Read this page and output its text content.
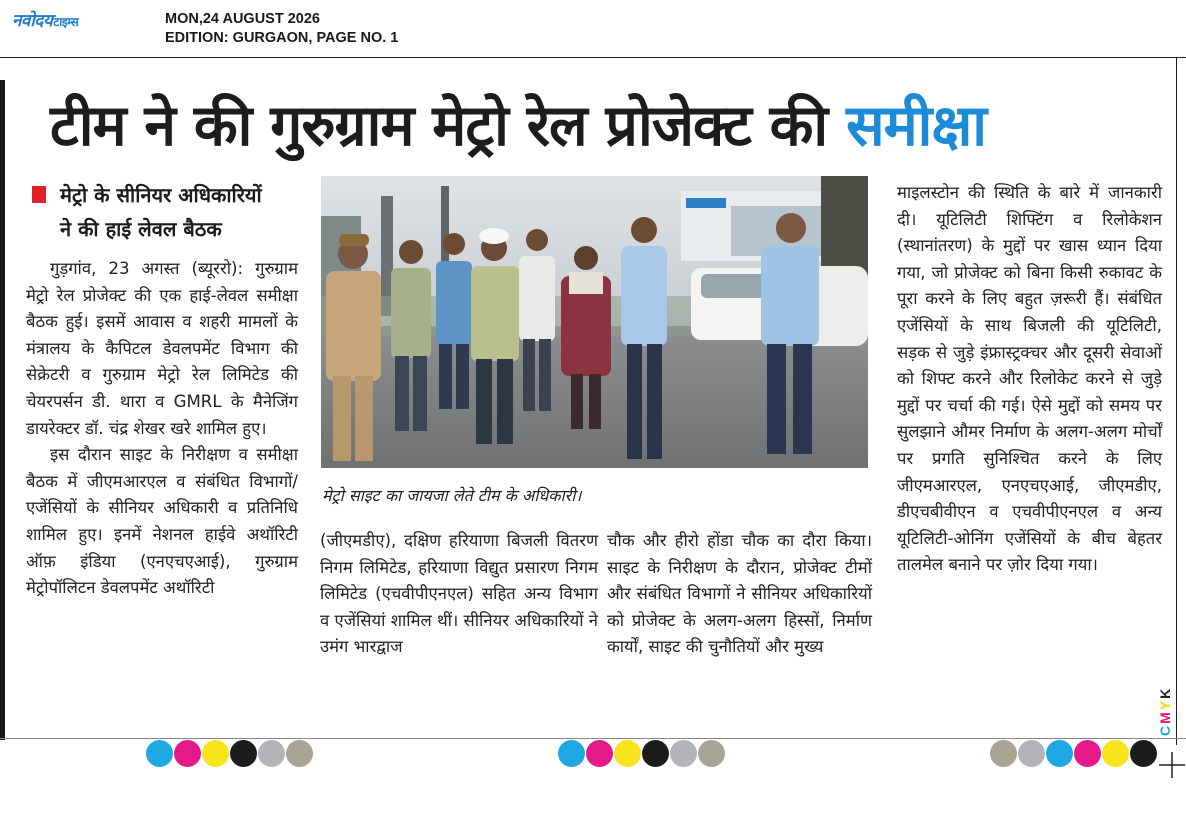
नवोदयटाइम्स	MON,24 AUGUST 2026
EDITION: GURGAON, PAGE NO. 1
टीम ने की गुरुग्राम मेट्रो रेल प्रोजेक्ट की समीक्षा
मेट्रो के सीनियर अधिकारियों
ने की हाई लेवल बैठक

गुड़गांव, 23 अगस्त (ब्यूररो): गुरुग्राम मेट्रो रेल प्रोजेक्ट की एक हाई-लेवल समीक्षा बैठक हुई। इसमें आवास व शहरी मामलों के मंत्रालय के कैपिटल डेवलपमेंट विभाग की सेक्रेटरी व गुरुग्राम मेट्रो रेल लिमिटेड की चेयरपर्सन डी. थारा व GMRL के मैनेजिंग डायरेक्टर डॉ. चंद्र शेखर खरे शामिल हुए।

इस दौरान साइट के निरीक्षण व समीक्षा बैठक में जीएमआरएल व संबंधित विभागों/एजेंसियों के सीनियर अधिकारी व प्रतिनिधि शामिल हुए। इनमें नेशनल हाईवे अथॉरिटी ऑफ़ इंडिया (एनएचएआई), गुरुग्राम मेट्रोपॉलिटन डेवलपमेंट अथॉरिटी

मेट्रो साइट का जायजा लेते टीम के अधिकारी।

(जीएमडीए), दक्षिण हरियाणा बिजली वितरण निगम लिमिटेड, हरियाणा विद्युत प्रसारण निगम लिमिटेड (एचवीपीएनएल) सहित अन्य विभाग व एजेंसियां शामिल थीं। सीनियर अधिकारियों ने उमंग भारद्वाज

चौक और हीरो होंडा चौक का दौरा किया। साइट के निरीक्षण के दौरान, प्रोजेक्ट टीमों और संबंधित विभागों ने सीनियर अधिकारियों को प्रोजेक्ट के अलग-अलग हिस्सों, निर्माण कार्यों, साइट की चुनौतियों और मुख्य

माइलस्टोन की स्थिति के बारे में जानकारी दी। यूटिलिटी शिफ्टिंग व रिलोकेशन (स्थानांतरण) के मुद्दों पर खास ध्यान दिया गया, जो प्रोजेक्ट को बिना किसी रुकावट के पूरा करने के लिए बहुत ज़रूरी हैं। संबंधित एजेंसियों के साथ बिजली की यूटिलिटी, सड़क से जुड़े इंफ्रास्ट्रक्चर और दूसरी सेवाओं को शिफ्ट करने और रिलोकेट करने से जुड़े मुद्दों पर चर्चा की गई। ऐसे मुद्दों को समय पर सुलझाने औमर निर्माण के अलग-अलग मोर्चों पर प्रगति सुनिश्चित करने के लिए जीएमआरएल, एनएचएआई, जीएमडीए, डीएचबीवीएन व एचवीपीएनएल व अन्य यूटिलिटी-ओनिंग एजेंसियों के बीच बेहतर तालमेल बनाने पर ज़ोर दिया गया।

CMYK
